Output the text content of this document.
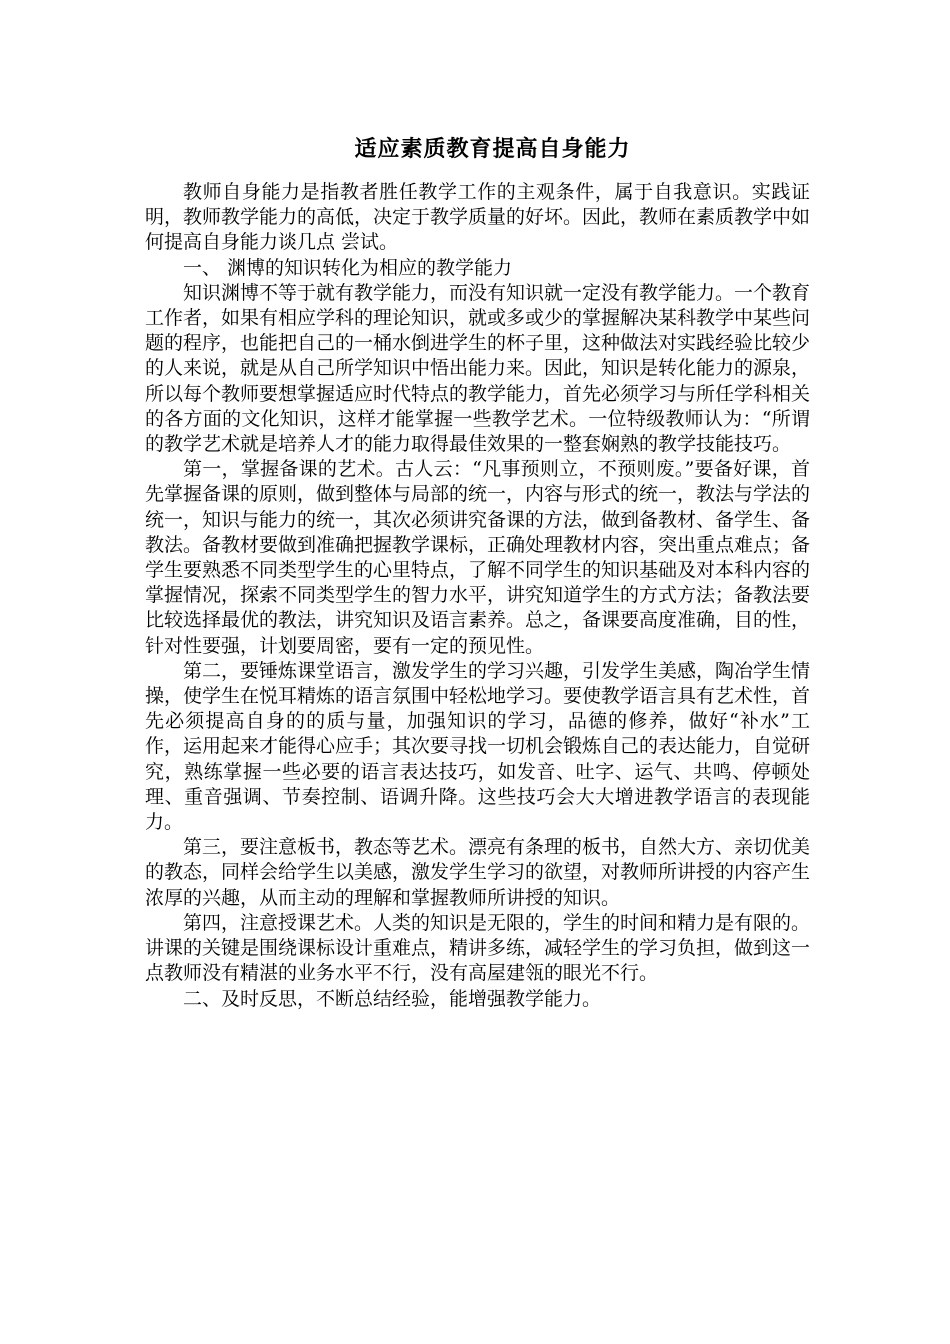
适应素质教育提高自身能力

教师自身能力是指教者胜任教学工作的主观条件，属于自我意识。实践证明，教师教学能力的高低，决定于教学质量的好坏。因此，教师在素质教学中如何提高自身能力谈几点 尝试。

一、 渊博的知识转化为相应的教学能力

知识渊博不等于就有教学能力，而没有知识就一定没有教学能力。一个教育工作者，如果有相应学科的理论知识，就或多或少的掌握解决某科教学中某些问题的程序，也能把自己的一桶水倒进学生的杯子里，这种做法对实践经验比较少的人来说，就是从自己所学知识中悟出能力来。因此，知识是转化能力的源泉，所以每个教师要想掌握适应时代特点的教学能力，首先必须学习与所任学科相关的各方面的文化知识，这样才能掌握一些教学艺术。一位特级教师认为：“所谓的教学艺术就是培养人才的能力取得最佳效果的一整套娴熟的教学技能技巧。

第一，掌握备课的艺术。古人云：“凡事预则立，不预则废。”要备好课，首先掌握备课的原则，做到整体与局部的统一，内容与形式的统一，教法与学法的统一，知识与能力的统一，其次必须讲究备课的方法，做到备教材、备学生、备教法。备教材要做到准确把握教学课标，正确处理教材内容，突出重点难点；备学生要熟悉不同类型学生的心里特点，了解不同学生的知识基础及对本科内容的掌握情况，探索不同类型学生的智力水平，讲究知道学生的方式方法；备教法要比较选择最优的教法，讲究知识及语言素养。总之，备课要高度准确，目的性，针对性要强，计划要周密，要有一定的预见性。

第二，要锤炼课堂语言，激发学生的学习兴趣，引发学生美感，陶冶学生情操，使学生在悦耳精炼的语言氛围中轻松地学习。要使教学语言具有艺术性，首先必须提高自身的的质与量，加强知识的学习，品德的修养，做好“补水”工作，运用起来才能得心应手；其次要寻找一切机会锻炼自己的表达能力，自觉研究，熟练掌握一些必要的语言表达技巧，如发音、吐字、运气、共鸣、停顿处理、重音强调、节奏控制、语调升降。这些技巧会大大增进教学语言的表现能力。

第三，要注意板书，教态等艺术。漂亮有条理的板书，自然大方、亲切优美的教态，同样会给学生以美感，激发学生学习的欲望，对教师所讲授的内容产生浓厚的兴趣，从而主动的理解和掌握教师所讲授的知识。

第四，注意授课艺术。人类的知识是无限的，学生的时间和精力是有限的。讲课的关键是围绕课标设计重难点，精讲多练，减轻学生的学习负担，做到这一点教师没有精湛的业务水平不行，没有高屋建瓴的眼光不行。

二、及时反思，不断总结经验，能增强教学能力。
